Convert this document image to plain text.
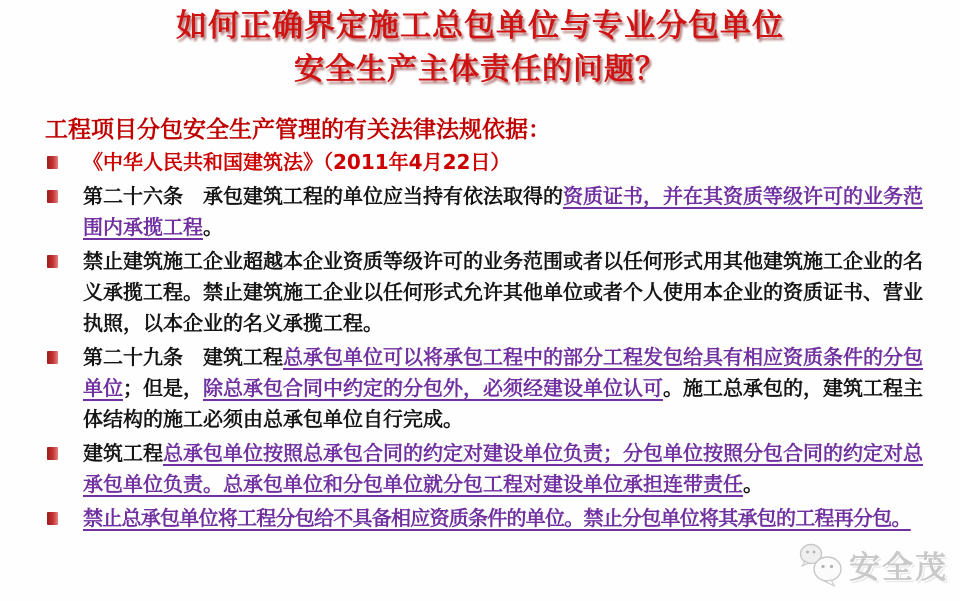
如何正确界定施工总包单位与专业分包单位
安全生产主体责任的问题？
工程项目分包安全生产管理的有关法律法规依据：

《中华人民共和国建筑法》（2011年4月22日）

第二十六条　承包建筑工程的单位应当持有依法取得的资质证书，并在其资质等级许可的业务范围内承揽工程。

禁止建筑施工企业超越本企业资质等级许可的业务范围或者以任何形式用其他建筑施工企业的名义承揽工程。禁止建筑施工企业以任何形式允许其他单位或者个人使用本企业的资质证书、营业执照，以本企业的名义承揽工程。

第二十九条　建筑工程总承包单位可以将承包工程中的部分工程发包给具有相应资质条件的分包单位；但是，除总承包合同中约定的分包外，必须经建设单位认可。施工总承包的，建筑工程主体结构的施工必须由总承包单位自行完成。

建筑工程总承包单位按照总承包合同的约定对建设单位负责；分包单位按照分包合同的约定对总承包单位负责。总承包单位和分包单位就分包工程对建设单位承担连带责任。

禁止总承包单位将工程分包给不具备相应资质条件的单位。禁止分包单位将其承包的工程再分包。

安全茂
